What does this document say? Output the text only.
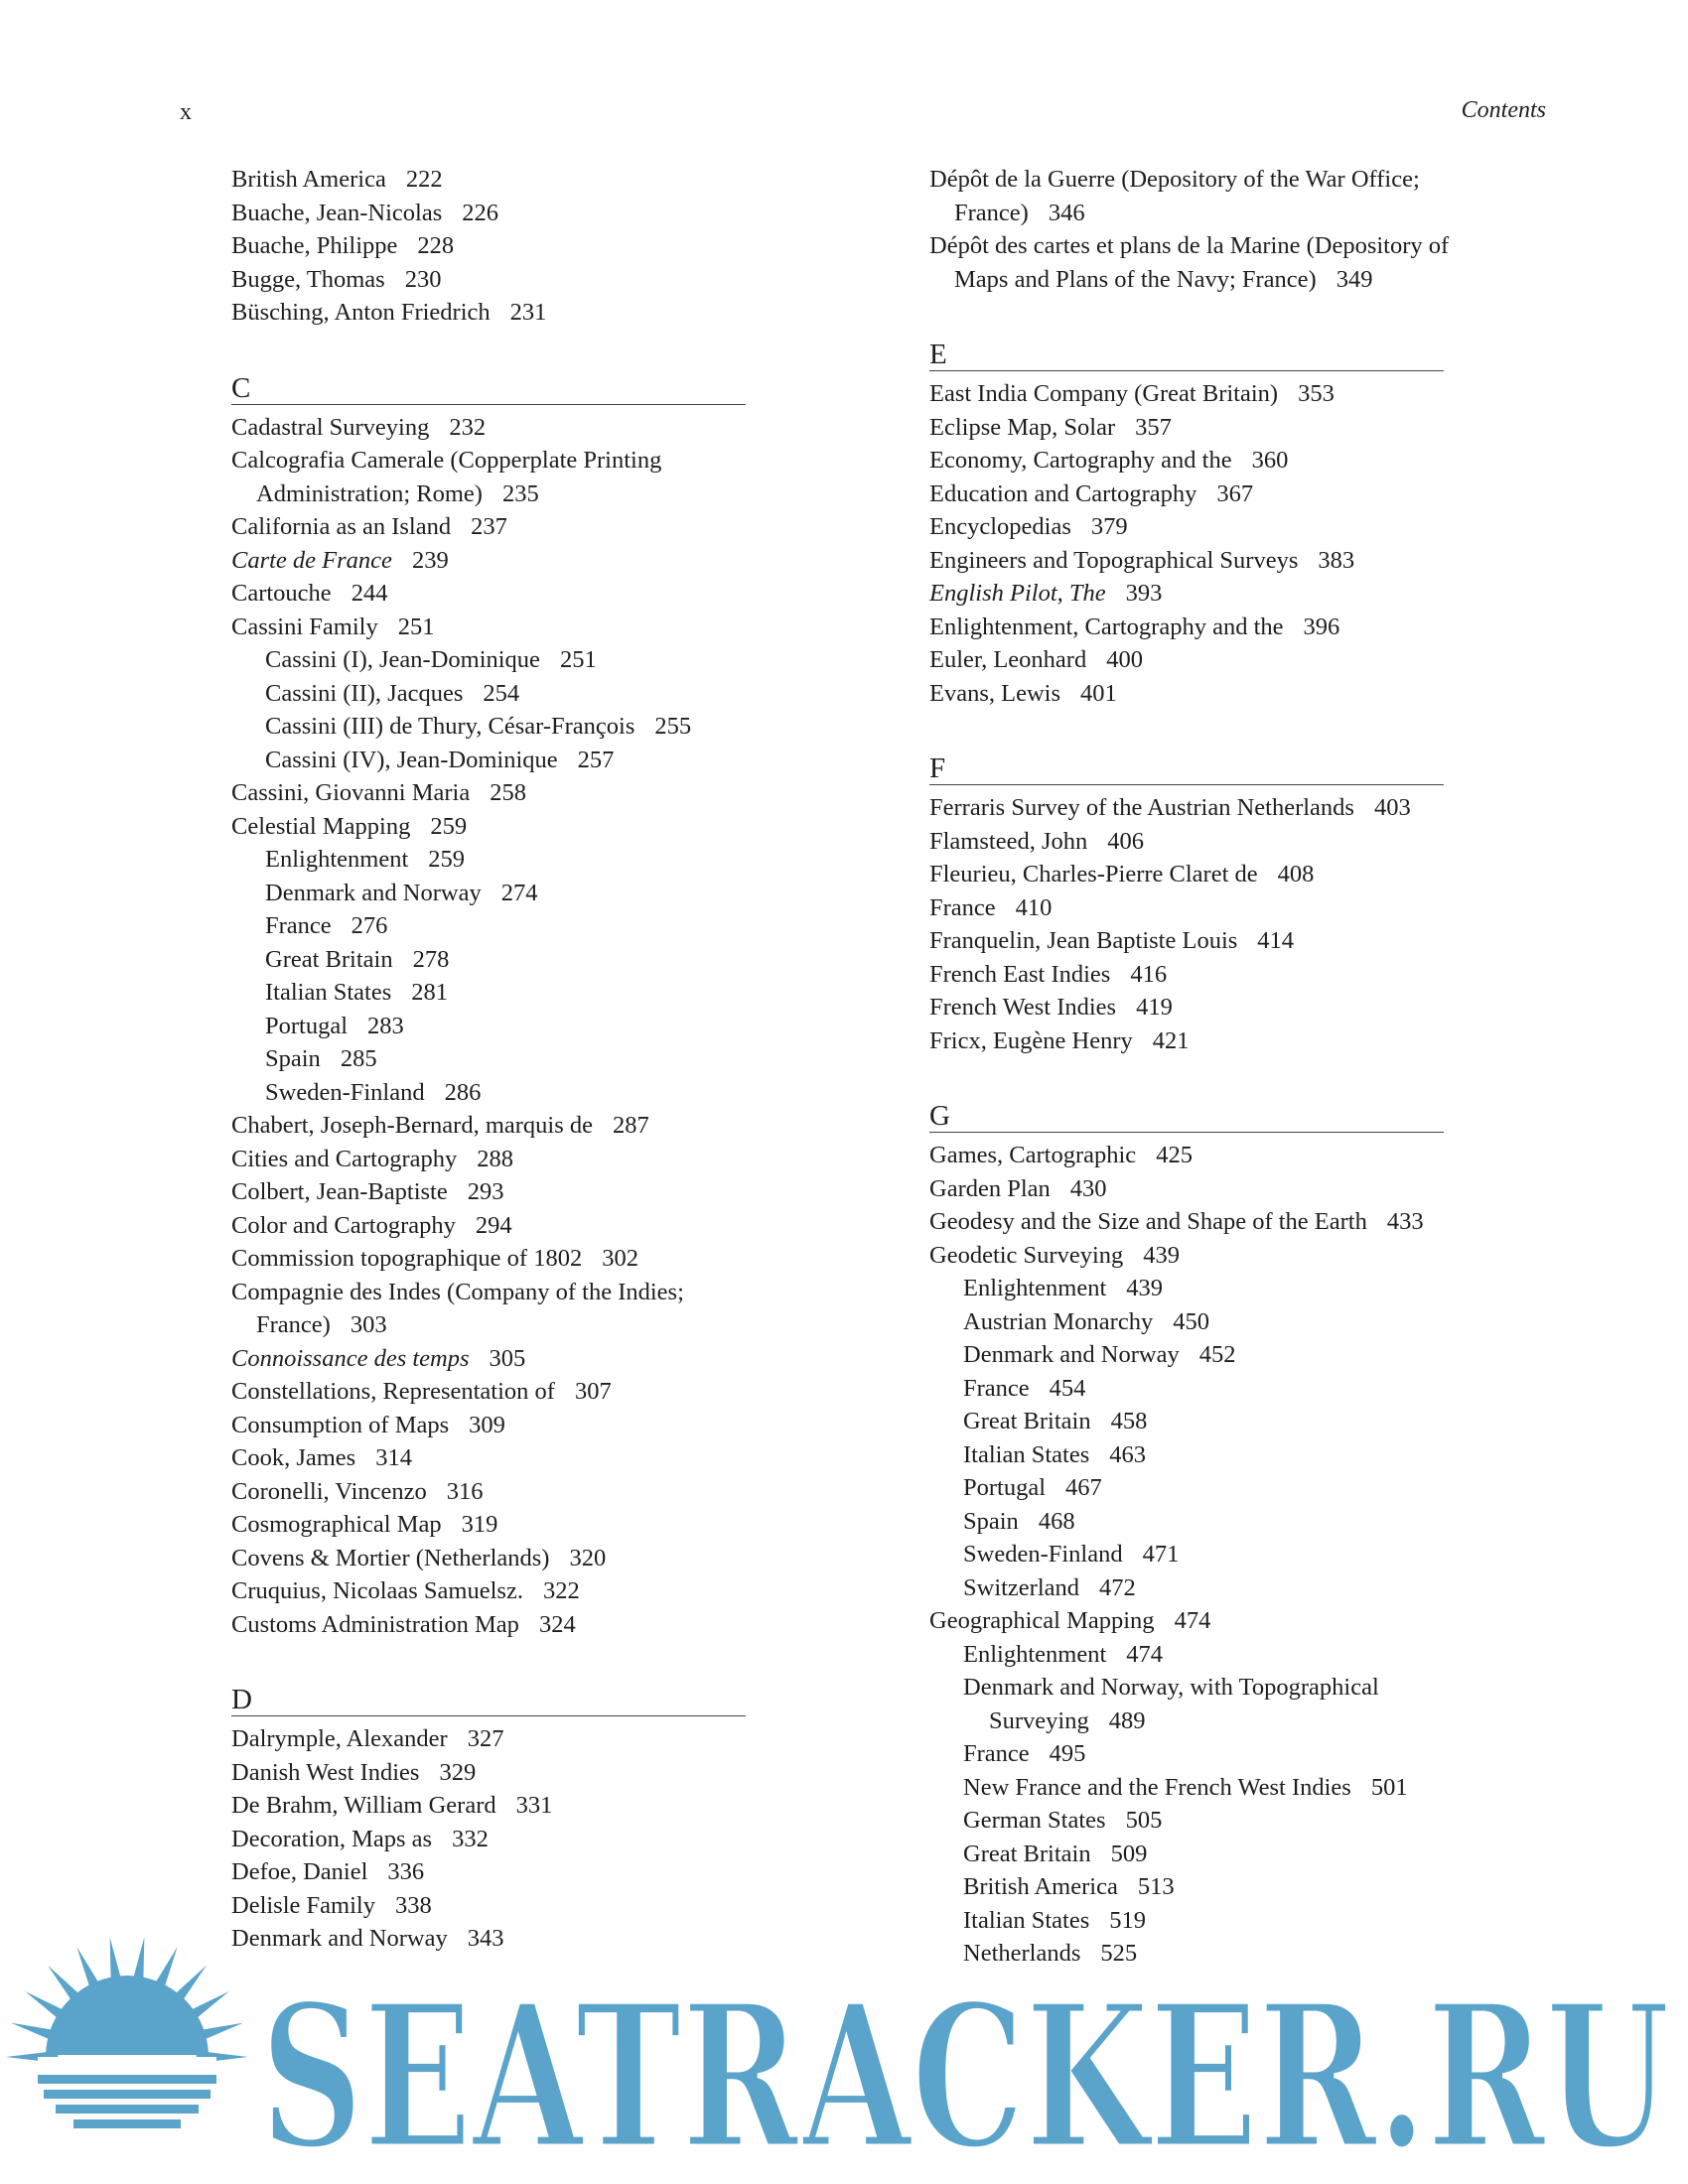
x	Contents
British America 222
Buache, Jean-Nicolas 226
Buache, Philippe 228
Bugge, Thomas 230
Büsching, Anton Friedrich 231
C
Cadastral Surveying 232
Calcografia Camerale (Copperplate Printing
Administration; Rome) 235
California as an Island 237
Carte de France 239
Cartouche 244
Cassini Family 251
Cassini (I), Jean-Dominique 251
Cassini (II), Jacques 254
Cassini (III) de Thury, César-François 255
Cassini (IV), Jean-Dominique 257
Cassini, Giovanni Maria 258
Celestial Mapping 259
Enlightenment 259
Denmark and Norway 274
France 276
Great Britain 278
Italian States 281
Portugal 283
Spain 285
Sweden-Finland 286
Chabert, Joseph-Bernard, marquis de 287
Cities and Cartography 288
Colbert, Jean-Baptiste 293
Color and Cartography 294
Commission topographique of 1802 302
Compagnie des Indes (Company of the Indies;
France) 303
Connoissance des temps 305
Constellations, Representation of 307
Consumption of Maps 309
Cook, James 314
Coronelli, Vincenzo 316
Cosmographical Map 319
Covens & Mortier (Netherlands) 320
Cruquius, Nicolaas Samuelsz. 322
Customs Administration Map 324
D
Dalrymple, Alexander 327
Danish West Indies 329
De Brahm, William Gerard 331
Decoration, Maps as 332
Defoe, Daniel 336
Delisle Family 338
Denmark and Norway 343
Dépôt de la Guerre (Depository of the War Office;
France) 346
Dépôt des cartes et plans de la Marine (Depository of
Maps and Plans of the Navy; France) 349
E
East India Company (Great Britain) 353
Eclipse Map, Solar 357
Economy, Cartography and the 360
Education and Cartography 367
Encyclopedias 379
Engineers and Topographical Surveys 383
English Pilot, The 393
Enlightenment, Cartography and the 396
Euler, Leonhard 400
Evans, Lewis 401
F
Ferraris Survey of the Austrian Netherlands 403
Flamsteed, John 406
Fleurieu, Charles-Pierre Claret de 408
France 410
Franquelin, Jean Baptiste Louis 414
French East Indies 416
French West Indies 419
Fricx, Eugène Henry 421
G
Games, Cartographic 425
Garden Plan 430
Geodesy and the Size and Shape of the Earth 433
Geodetic Surveying 439
Enlightenment 439
Austrian Monarchy 450
Denmark and Norway 452
France 454
Great Britain 458
Italian States 463
Portugal 467
Spain 468
Sweden-Finland 471
Switzerland 472
Geographical Mapping 474
Enlightenment 474
Denmark and Norway, with Topographical
Surveying 489
France 495
New France and the French West Indies 501
German States 505
Great Britain 509
British America 513
Italian States 519
Netherlands 525
SEATRACKER.RU
